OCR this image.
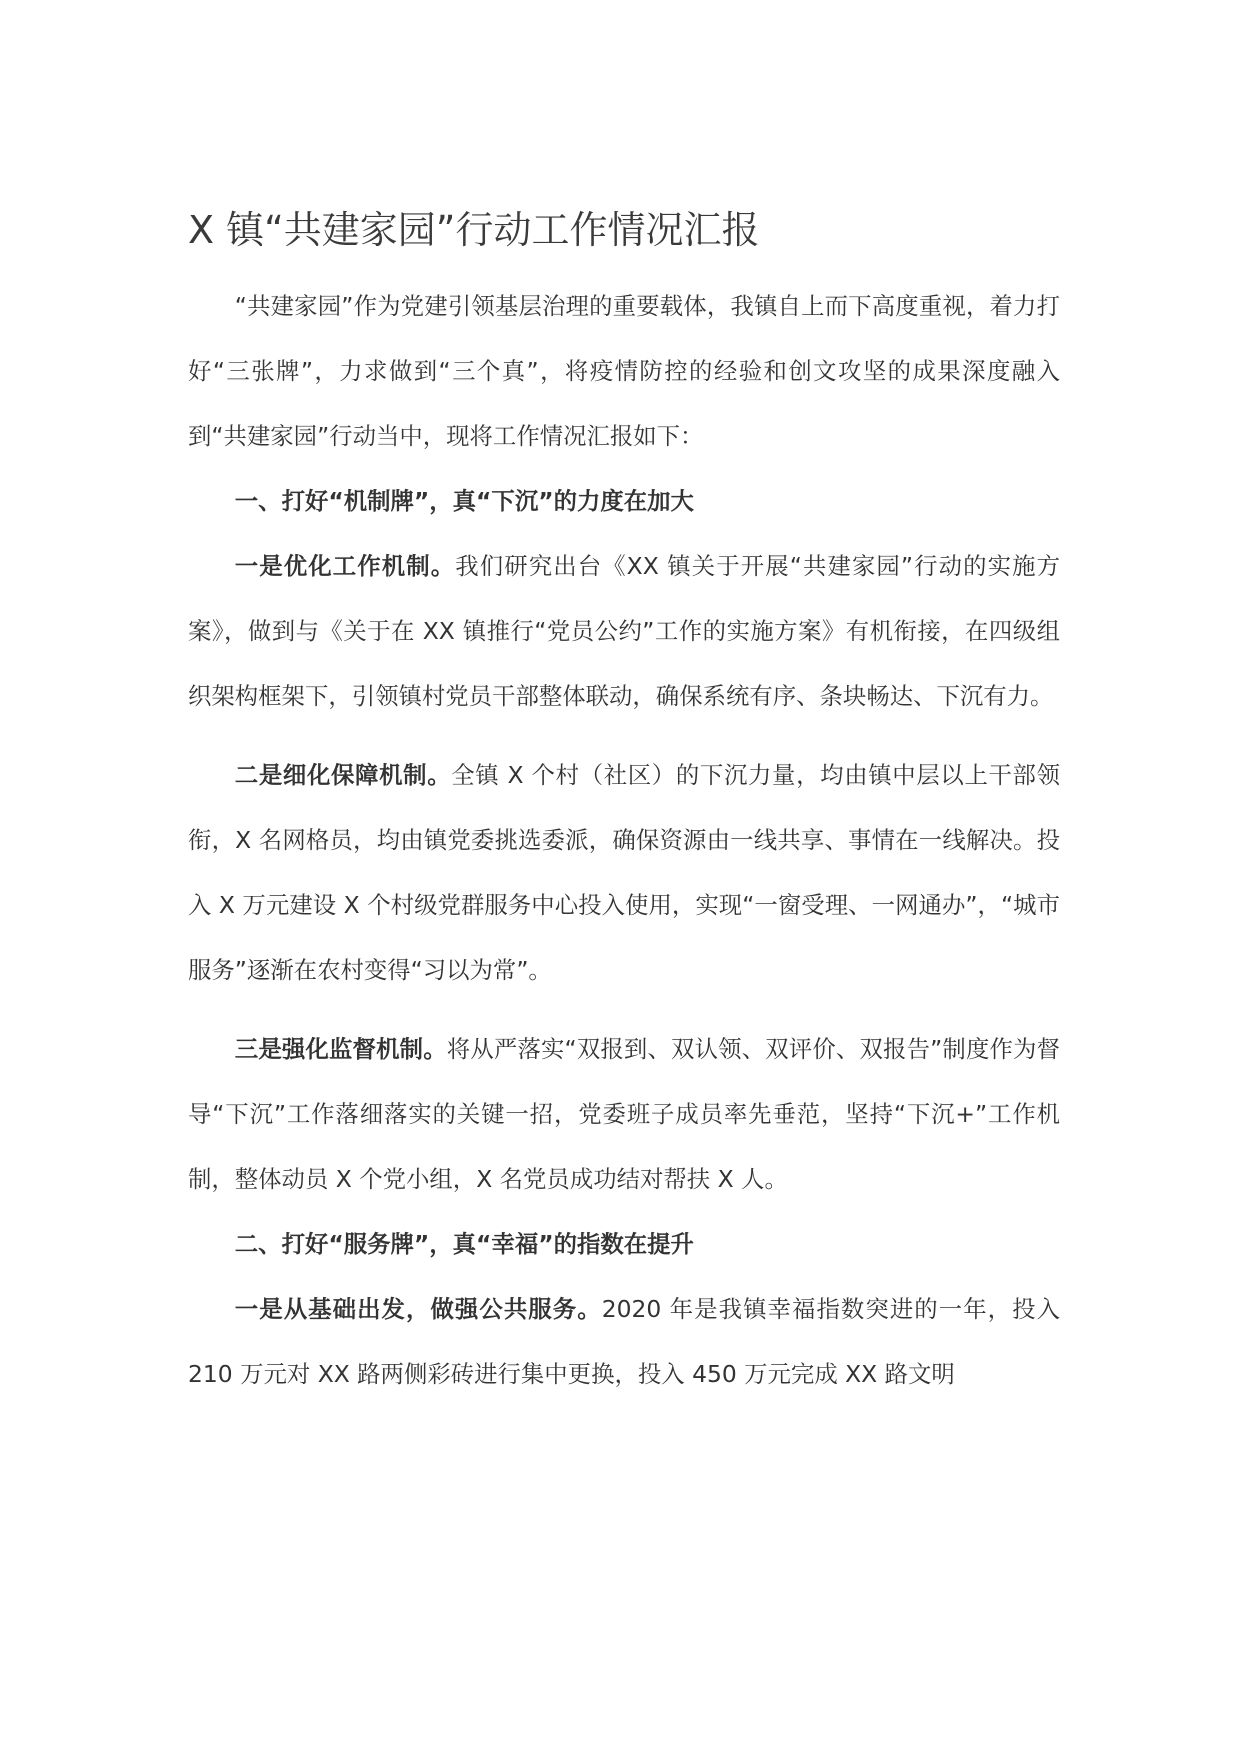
X 镇“共建家园”行动工作情况汇报

“共建家园”作为党建引领基层治理的重要载体，我镇自上而下高度重视，着力打好“三张牌”，力求做到“三个真”，将疫情防控的经验和创文攻坚的成果深度融入到“共建家园”行动当中，现将工作情况汇报如下：

一、打好“机制牌”，真“下沉”的力度在加大

一是优化工作机制。我们研究出台《XX 镇关于开展“共建家园”行动的实施方案》，做到与《关于在 XX 镇推行“党员公约”工作的实施方案》有机衔接，在四级组织架构框架下，引领镇村党员干部整体联动，确保系统有序、条块畅达、下沉有力。

二是细化保障机制。全镇 X 个村（社区）的下沉力量，均由镇中层以上干部领衔，X 名网格员，均由镇党委挑选委派，确保资源由一线共享、事情在一线解决。投入 X 万元建设 X 个村级党群服务中心投入使用，实现“一窗受理、一网通办”，“城市服务”逐渐在农村变得“习以为常”。

三是强化监督机制。将从严落实“双报到、双认领、双评价、双报告”制度作为督导“下沉”工作落细落实的关键一招，党委班子成员率先垂范，坚持“下沉+”工作机制，整体动员 X 个党小组，X 名党员成功结对帮扶 X 人。

二、打好“服务牌”，真“幸福”的指数在提升

一是从基础出发，做强公共服务。2020 年是我镇幸福指数突进的一年，投入 210 万元对 XX 路两侧彩砖进行集中更换，投入 450 万元完成 XX 路文明
